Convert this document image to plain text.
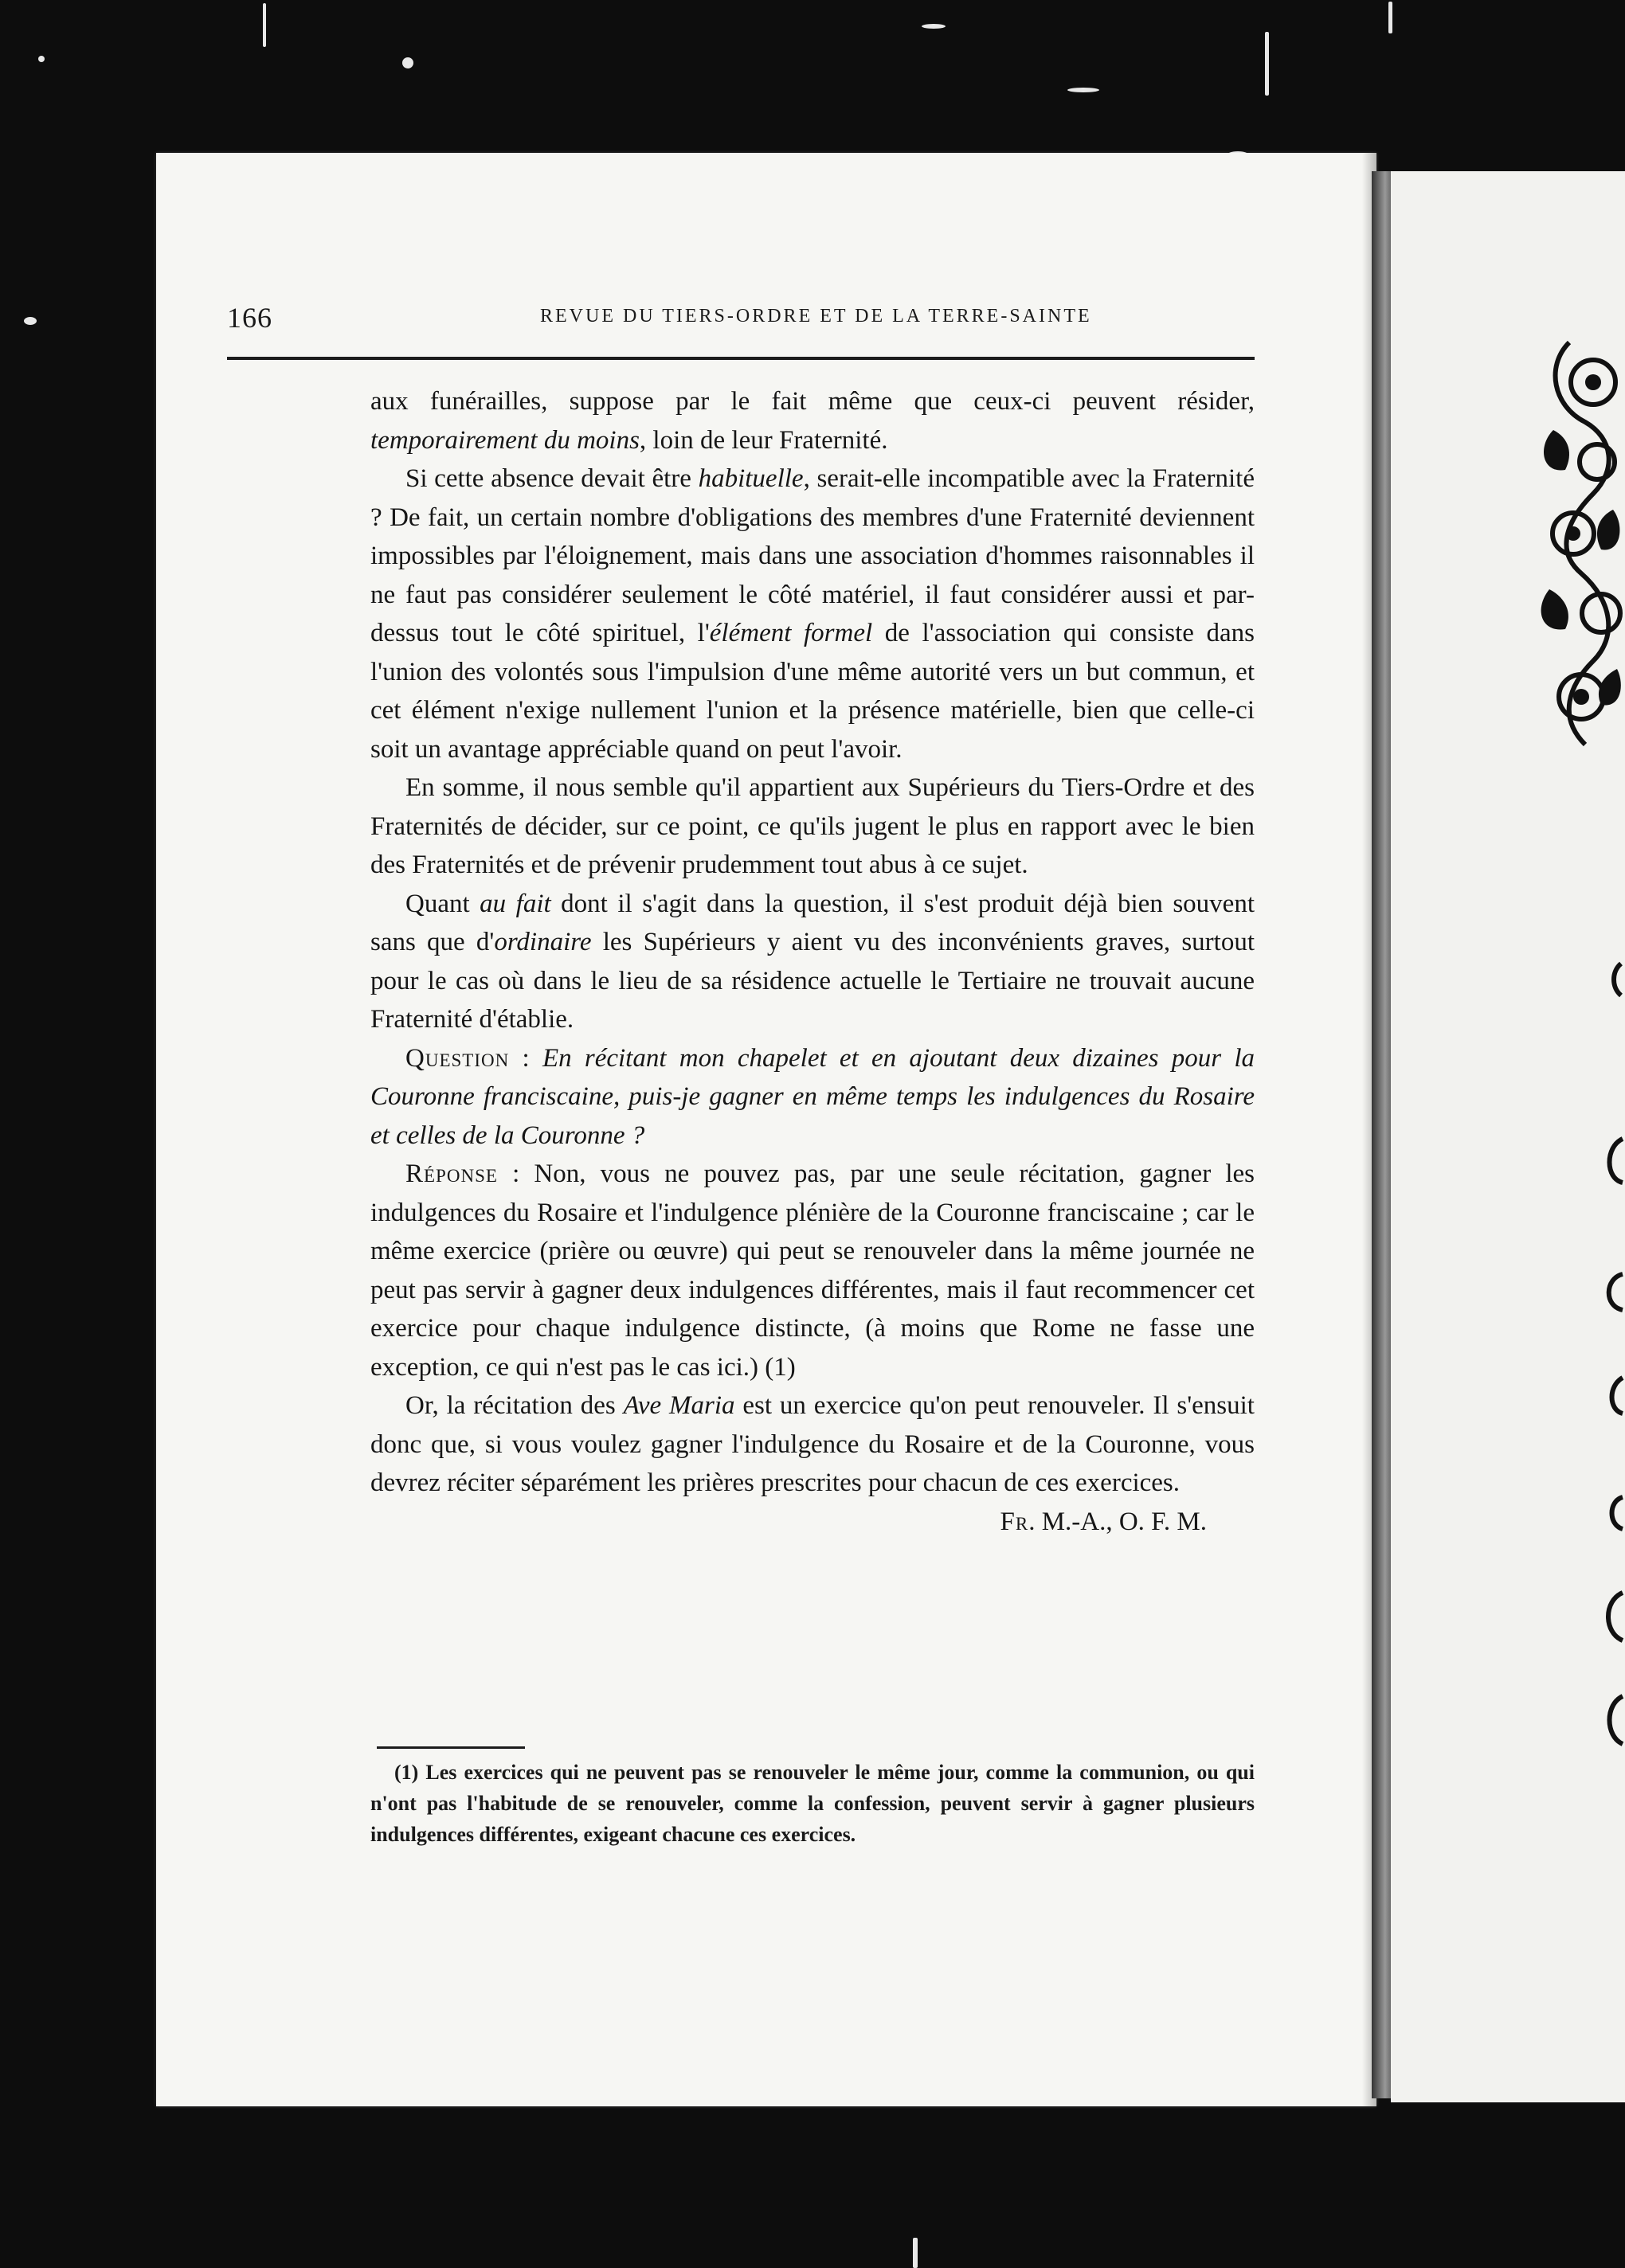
166	REVUE DU TIERS-ORDRE ET DE LA TERRE-SAINTE

aux funérailles, suppose par le fait même que ceux-ci peuvent résider, temporairement du moins, loin de leur Fraternité.

Si cette absence devait être habituelle, serait-elle incompatible avec la Fraternité ? De fait, un certain nombre d'obligations des membres d'une Fraternité deviennent impossibles par l'éloignement, mais dans une association d'hommes raisonnables il ne faut pas considérer seulement le côté matériel, il faut considérer aussi et par-dessus tout le côté spirituel, l'élément formel de l'association qui consiste dans l'union des volontés sous l'impulsion d'une même autorité vers un but commun, et cet élément n'exige nullement l'union et la présence matérielle, bien que celle-ci soit un avantage appréciable quand on peut l'avoir.

En somme, il nous semble qu'il appartient aux Supérieurs du Tiers-Ordre et des Fraternités de décider, sur ce point, ce qu'ils jugent le plus en rapport avec le bien des Fraternités et de prévenir prudemment tout abus à ce sujet.

Quant au fait dont il s'agit dans la question, il s'est produit déjà bien souvent sans que d'ordinaire les Supérieurs y aient vu des inconvénients graves, surtout pour le cas où dans le lieu de sa résidence actuelle le Tertiaire ne trouvait aucune Fraternité d'établie.

Question : En récitant mon chapelet et en ajoutant deux dizaines pour la Couronne franciscaine, puis-je gagner en même temps les indulgences du Rosaire et celles de la Couronne ?

Réponse : Non, vous ne pouvez pas, par une seule récitation, gagner les indulgences du Rosaire et l'indulgence plénière de la Couronne franciscaine ; car le même exercice (prière ou œuvre) qui peut se renouveler dans la même journée ne peut pas servir à gagner deux indulgences différentes, mais il faut recommencer cet exercice pour chaque indulgence distincte, (à moins que Rome ne fasse une exception, ce qui n'est pas le cas ici.) (1)

Or, la récitation des Ave Maria est un exercice qu'on peut renouveler. Il s'ensuit donc que, si vous voulez gagner l'indulgence du Rosaire et de la Couronne, vous devrez réciter séparément les prières prescrites pour chacun de ces exercices.

Fr. M.-A., O. F. M.

(1) Les exercices qui ne peuvent pas se renouveler le même jour, comme la communion, ou qui n'ont pas l'habitude de se renouveler, comme la confession, peuvent servir à gagner plusieurs indulgences différentes, exigeant chacune ces exercices.
